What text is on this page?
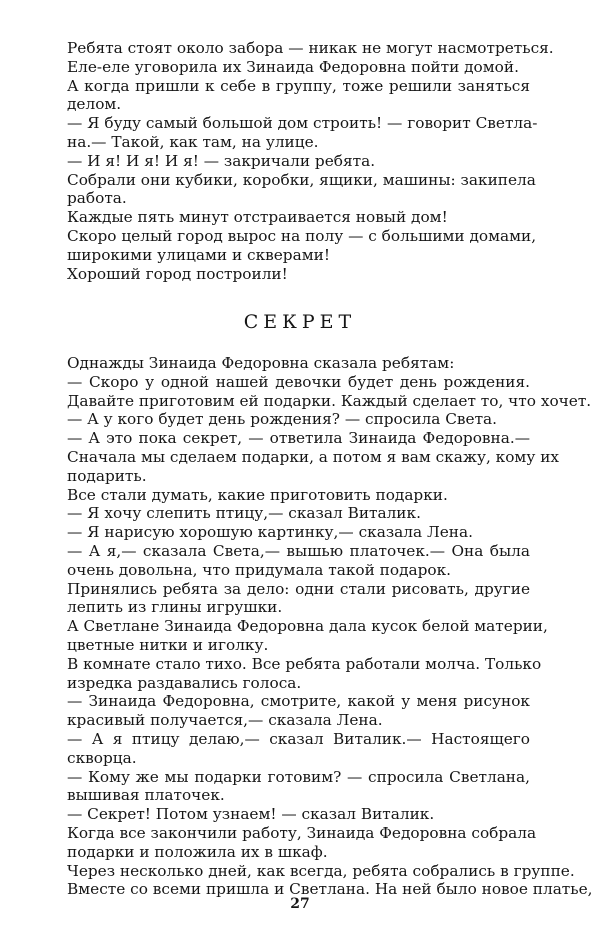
Ребята стоят около забора — никак не могут насмотреться.
Еле-еле уговорила их Зинаида Федоровна пойти домой.
А когда пришли к себе в группу, тоже решили заняться
делом.
— Я буду самый большой дом строить! — говорит Светла-
на.— Такой, как там, на улице.
— И я! И я! И я! — закричали ребята.
Собрали они кубики, коробки, ящики, машины: закипела
работа.
Каждые пять минут отстраивается новый дом!
Скоро целый город вырос на полу — с большими домами,
широкими улицами и скверами!
Хороший город построили!
СЕКРЕТ
Однажды Зинаида Федоровна сказала ребятам:
— Скоро у одной нашей девочки будет день рождения.
Давайте приготовим ей подарки. Каждый сделает то, что хочет.
— А у кого будет день рождения? — спросила Света.
— А это пока секрет, — ответила Зинаида Федоровна.—
Сначала мы сделаем подарки, а потом я вам скажу, кому их
подарить.
Все стали думать, какие приготовить подарки.
— Я хочу слепить птицу,— сказал Виталик.
— Я нарисую хорошую картинку,— сказала Лена.
— А я,— сказала Света,— вышью платочек.— Она была
очень довольна, что придумала такой подарок.
Принялись ребята за дело: одни стали рисовать, другие
лепить из глины игрушки.
А Светлане Зинаида Федоровна дала кусок белой материи,
цветные нитки и иголку.
В комнате стало тихо. Все ребята работали молча. Только
изредка раздавались голоса.
— Зинаида Федоровна, смотрите, какой у меня рисунок
красивый получается,— сказала Лена.
— А я птицу делаю,— сказал Виталик.— Настоящего
скворца.
— Кому же мы подарки готовим? — спросила Светлана,
вышивая платочек.
— Секрет! Потом узнаем! — сказал Виталик.
Когда все закончили работу, Зинаида Федоровна собрала
подарки и положила их в шкаф.
Через несколько дней, как всегда, ребята собрались в группе.
Вместе со всеми пришла и Светлана. На ней было новое платье,
27
